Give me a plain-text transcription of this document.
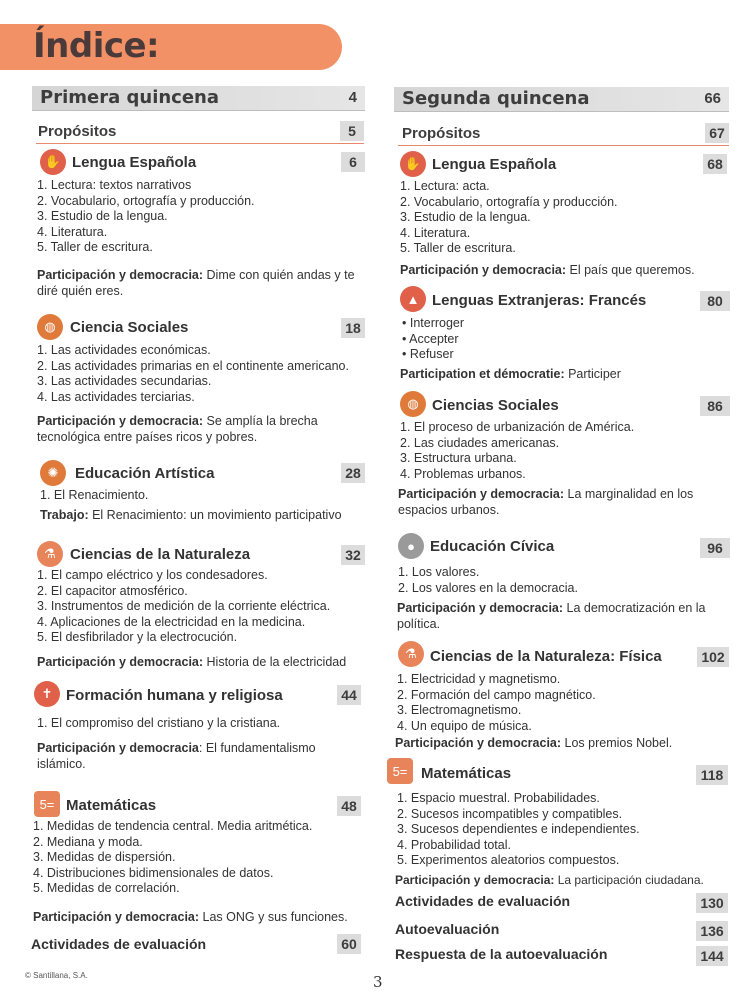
Índice:
Primera quincena	4
Propósitos	5
✋ Lengua Española	6
1. Lectura: textos narrativos
2. Vocabulario, ortografía y producción.
3. Estudio de la lengua.
4. Literatura.
5. Taller de escritura.
Participación y democracia: Dime con quién andas y te diré quién eres.
◍ Ciencia Sociales	18
1. Las actividades económicas.
2. Las actividades primarias en el continente americano.
3. Las actividades secundarias.
4. Las actividades terciarias.
Participación y democracia: Se amplía la brecha tecnológica entre países ricos y pobres.
✺	Educación Artística	28
1. El Renacimiento.
Trabajo: El Renacimiento: un movimiento participativo
⚗ Ciencias de la Naturaleza	32
1. El campo eléctrico y los condesadores.
2. El capacitor atmosférico.
3. Instrumentos de medición de la corriente eléctrica.
4. Aplicaciones de la electricidad en la medicina.
5. El desfibrilador y la electrocución.
Participación y democracia: Historia de la electricidad
✝ Formación humana y religiosa	44
1. El compromiso del cristiano y la cristiana.
Participación y democracia: El fundamentalismo islámico.
5= Matemáticas	48
1. Medidas de tendencia central. Media aritmética.
2. Mediana y moda.
3. Medidas de dispersión.
4. Distribuciones bidimensionales de datos.
5. Medidas de correlación.
Participación y democracia: Las ONG y sus funciones.
Actividades de evaluación	60
Segunda quincena	66
Propósitos	67
✋ Lengua Española	68
1. Lectura: acta.
2. Vocabulario, ortografía y producción.
3. Estudio de la lengua.
4. Literatura.
5. Taller de escritura.
Participación y democracia: El país que queremos.
▲ Lenguas Extranjeras: Francés	80
• Interroger
• Accepter
• Refuser
Participation et démocratie: Participer
◍ Ciencias Sociales	86
1. El proceso de urbanización de América.
2. Las ciudades americanas.
3. Estructura urbana.
4. Problemas urbanos.
Participación y democracia: La marginalidad en los espacios urbanos.
●	Educación Cívica	96
1. Los valores.
2. Los valores en la democracia.
Participación y democracia: La democratización en la política.
⚗ Ciencias de la Naturaleza: Física	102
1. Electricidad y magnetismo.
2. Formación del campo magnético.
3. Electromagnetismo.
4. Un equipo de música.
Participación y democracia: Los premios Nobel.
5= Matemáticas	118
1. Espacio muestral. Probabilidades.
2. Sucesos incompatibles y compatibles.
3. Sucesos dependientes e independientes.
4. Probabilidad total.
5. Experimentos aleatorios compuestos.
Participación y democracia: La participación ciudadana.
Actividades de evaluación	130
Autoevaluación	136
Respuesta de la autoevaluación	144
© Santillana, S.A.	3
